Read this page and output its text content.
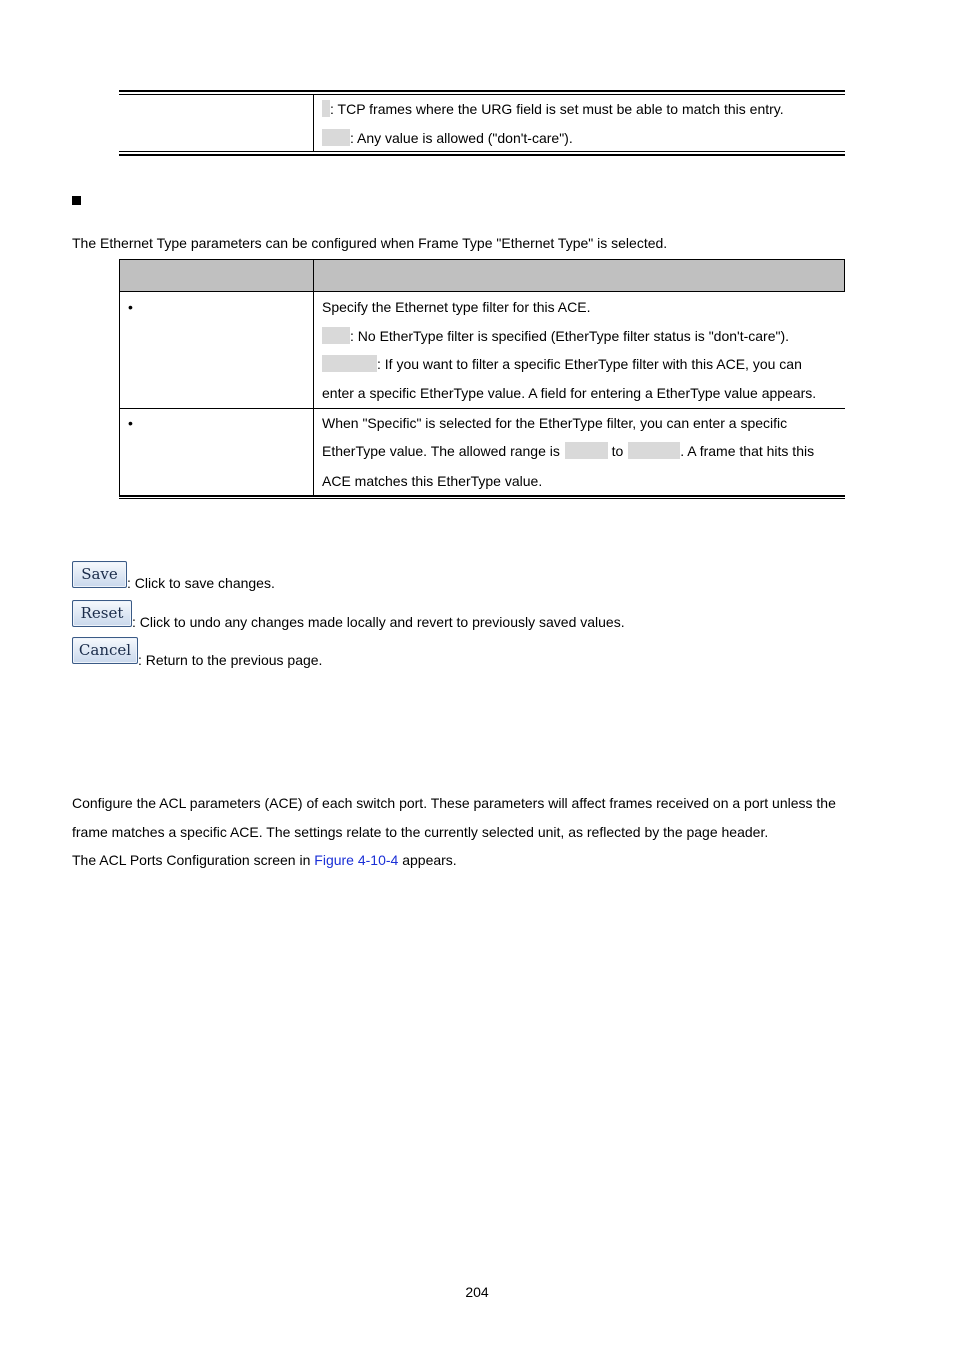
: TCP frames where the URG field is set must be able to match this entry.
: Any value is allowed ("don't-care").
The Ethernet Type parameters can be configured when Frame Type "Ethernet Type" is selected.
•	Specify the Ethernet type filter for this ACE.
: No EtherType filter is specified (EtherType filter status is "don't-care").
: If you want to filter a specific EtherType filter with this ACE, you can
enter a specific EtherType value. A field for entering a EtherType value appears.
•	When "Specific" is selected for the EtherType filter, you can enter a specific
EtherType value. The allowed range is	to	. A frame that hits this
ACE matches this EtherType value.
Save : Click to save changes.
Reset : Click to undo any changes made locally and revert to previously saved values.
Cancel
: Return to the previous page.
Configure the ACL parameters (ACE) of each switch port. These parameters will affect frames received on a port unless the
frame matches a specific ACE. The settings relate to the currently selected unit, as reflected by the page header.
The ACL Ports Configuration screen in Figure 4-10-4 appears.
204
